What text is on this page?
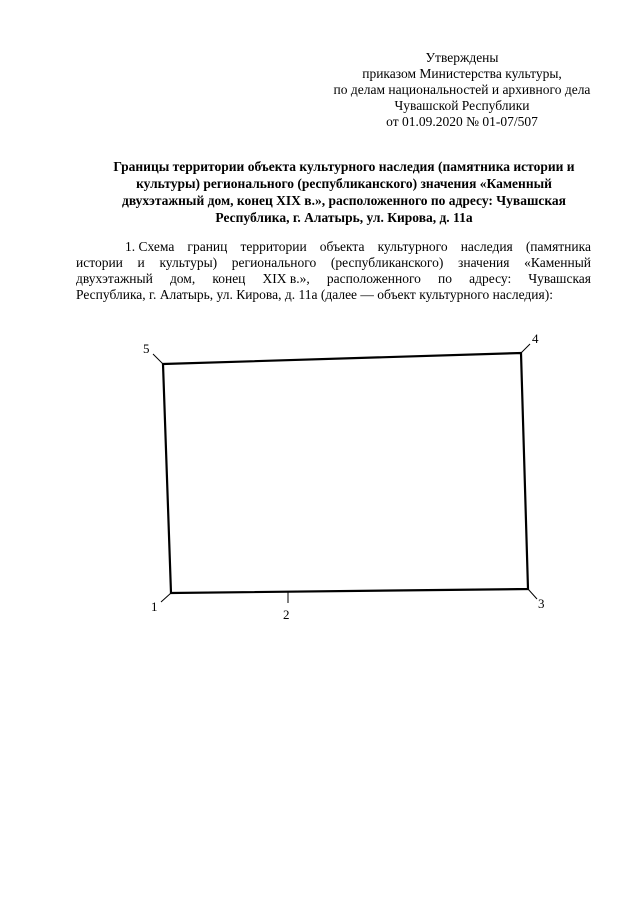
Утверждены
приказом Министерства культуры,
по делам национальностей и архивного дела
Чувашской Республики
от 01.09.2020 № 01-07/507
Границы территории объекта культурного наследия (памятника истории и
культуры) регионального (республиканского) значения «Каменный
двухэтажный дом, конец XIX в.», расположенного по адресу: Чувашская
Республика, г. Алатырь, ул. Кирова, д. 11а
1. Схема границ территории объекта культурного наследия (памятника
истории и культуры) регионального (республиканского) значения «Каменный
двухэтажный дом, конец XIX в.», расположенного по адресу: Чувашская
Республика, г. Алатырь, ул. Кирова, д. 11а (далее — объект культурного наследия):
5
4
3
1
2
